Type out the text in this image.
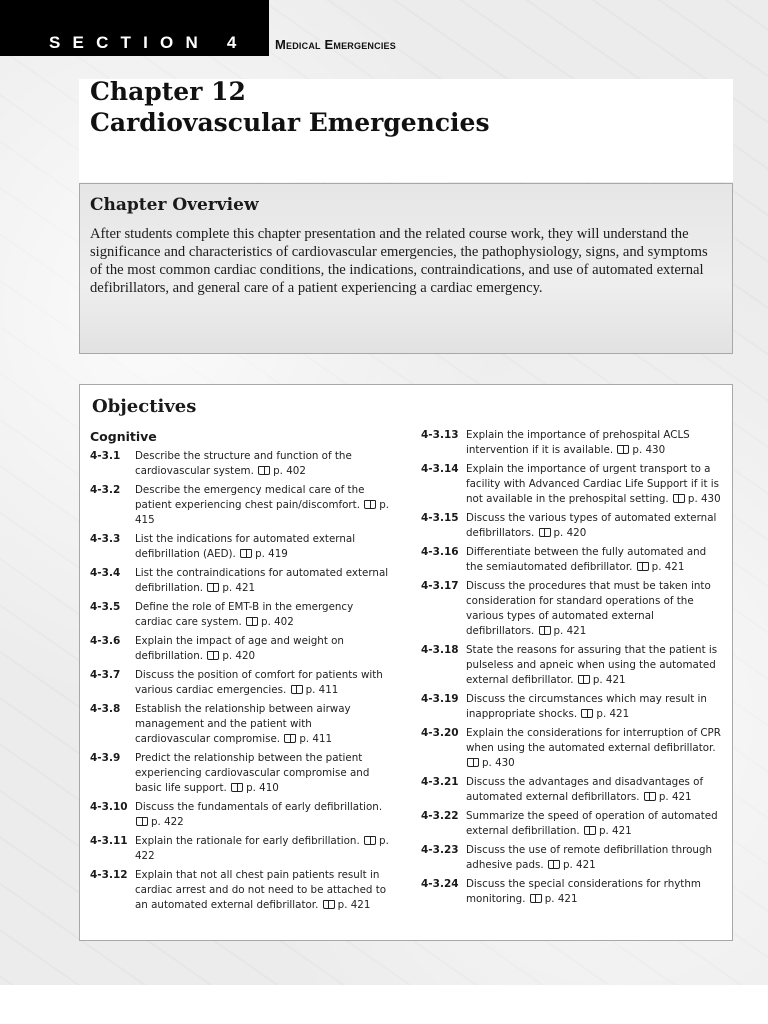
SECTION 4 Medical Emergencies
Chapter 12
Cardiovascular Emergencies
Chapter Overview

After students complete this chapter presentation and the related course work, they will understand the significance and characteristics of cardiovascular emergencies, the pathophysiology, signs, and symptoms of the most common cardiac conditions, the indications, contraindications, and use of automated external defibrillators, and general care of a patient experiencing a cardiac emergency.

Objectives
Cognitive
4-3.1	Describe the structure and function of the cardiovascular system. p. 402
4-3.2	Describe the emergency medical care of the patient experiencing chest pain/discomfort. p. 415
4-3.3	List the indications for automated external defibrillation (AED). p. 419
4-3.4	List the contraindications for automated external defibrillation. p. 421
4-3.5	Define the role of EMT-B in the emergency cardiac care system. p. 402
4-3.6	Explain the impact of age and weight on defibrillation. p. 420
4-3.7	Discuss the position of comfort for patients with various cardiac emergencies. p. 411
4-3.8	Establish the relationship between airway management and the patient with cardiovascular compromise. p. 411
4-3.9	Predict the relationship between the patient experiencing cardiovascular compromise and basic life support. p. 410
4-3.10 Discuss the fundamentals of early defibrillation. p. 422
4-3.11 Explain the rationale for early defibrillation. p. 422
4-3.12 Explain that not all chest pain patients result in cardiac arrest and do not need to be attached to an automated external defibrillator. p. 421
4-3.13 Explain the importance of prehospital ACLS intervention if it is available. p. 430
4-3.14 Explain the importance of urgent transport to a facility with Advanced Cardiac Life Support if it is not available in the prehospital setting. p. 430
4-3.15 Discuss the various types of automated external defibrillators. p. 420
4-3.16 Differentiate between the fully automated and the semiautomated defibrillator. p. 421
4-3.17 Discuss the procedures that must be taken into consideration for standard operations of the various types of automated external defibrillators. p. 421
4-3.18 State the reasons for assuring that the patient is pulseless and apneic when using the automated external defibrillator. p. 421
4-3.19 Discuss the circumstances which may result in inappropriate shocks. p. 421
4-3.20 Explain the considerations for interruption of CPR when using the automated external defibrillator. p. 430
4-3.21 Discuss the advantages and disadvantages of automated external defibrillators. p. 421
4-3.22 Summarize the speed of operation of automated external defibrillation. p. 421
4-3.23 Discuss the use of remote defibrillation through adhesive pads. p. 421
4-3.24 Discuss the special considerations for rhythm monitoring. p. 421
